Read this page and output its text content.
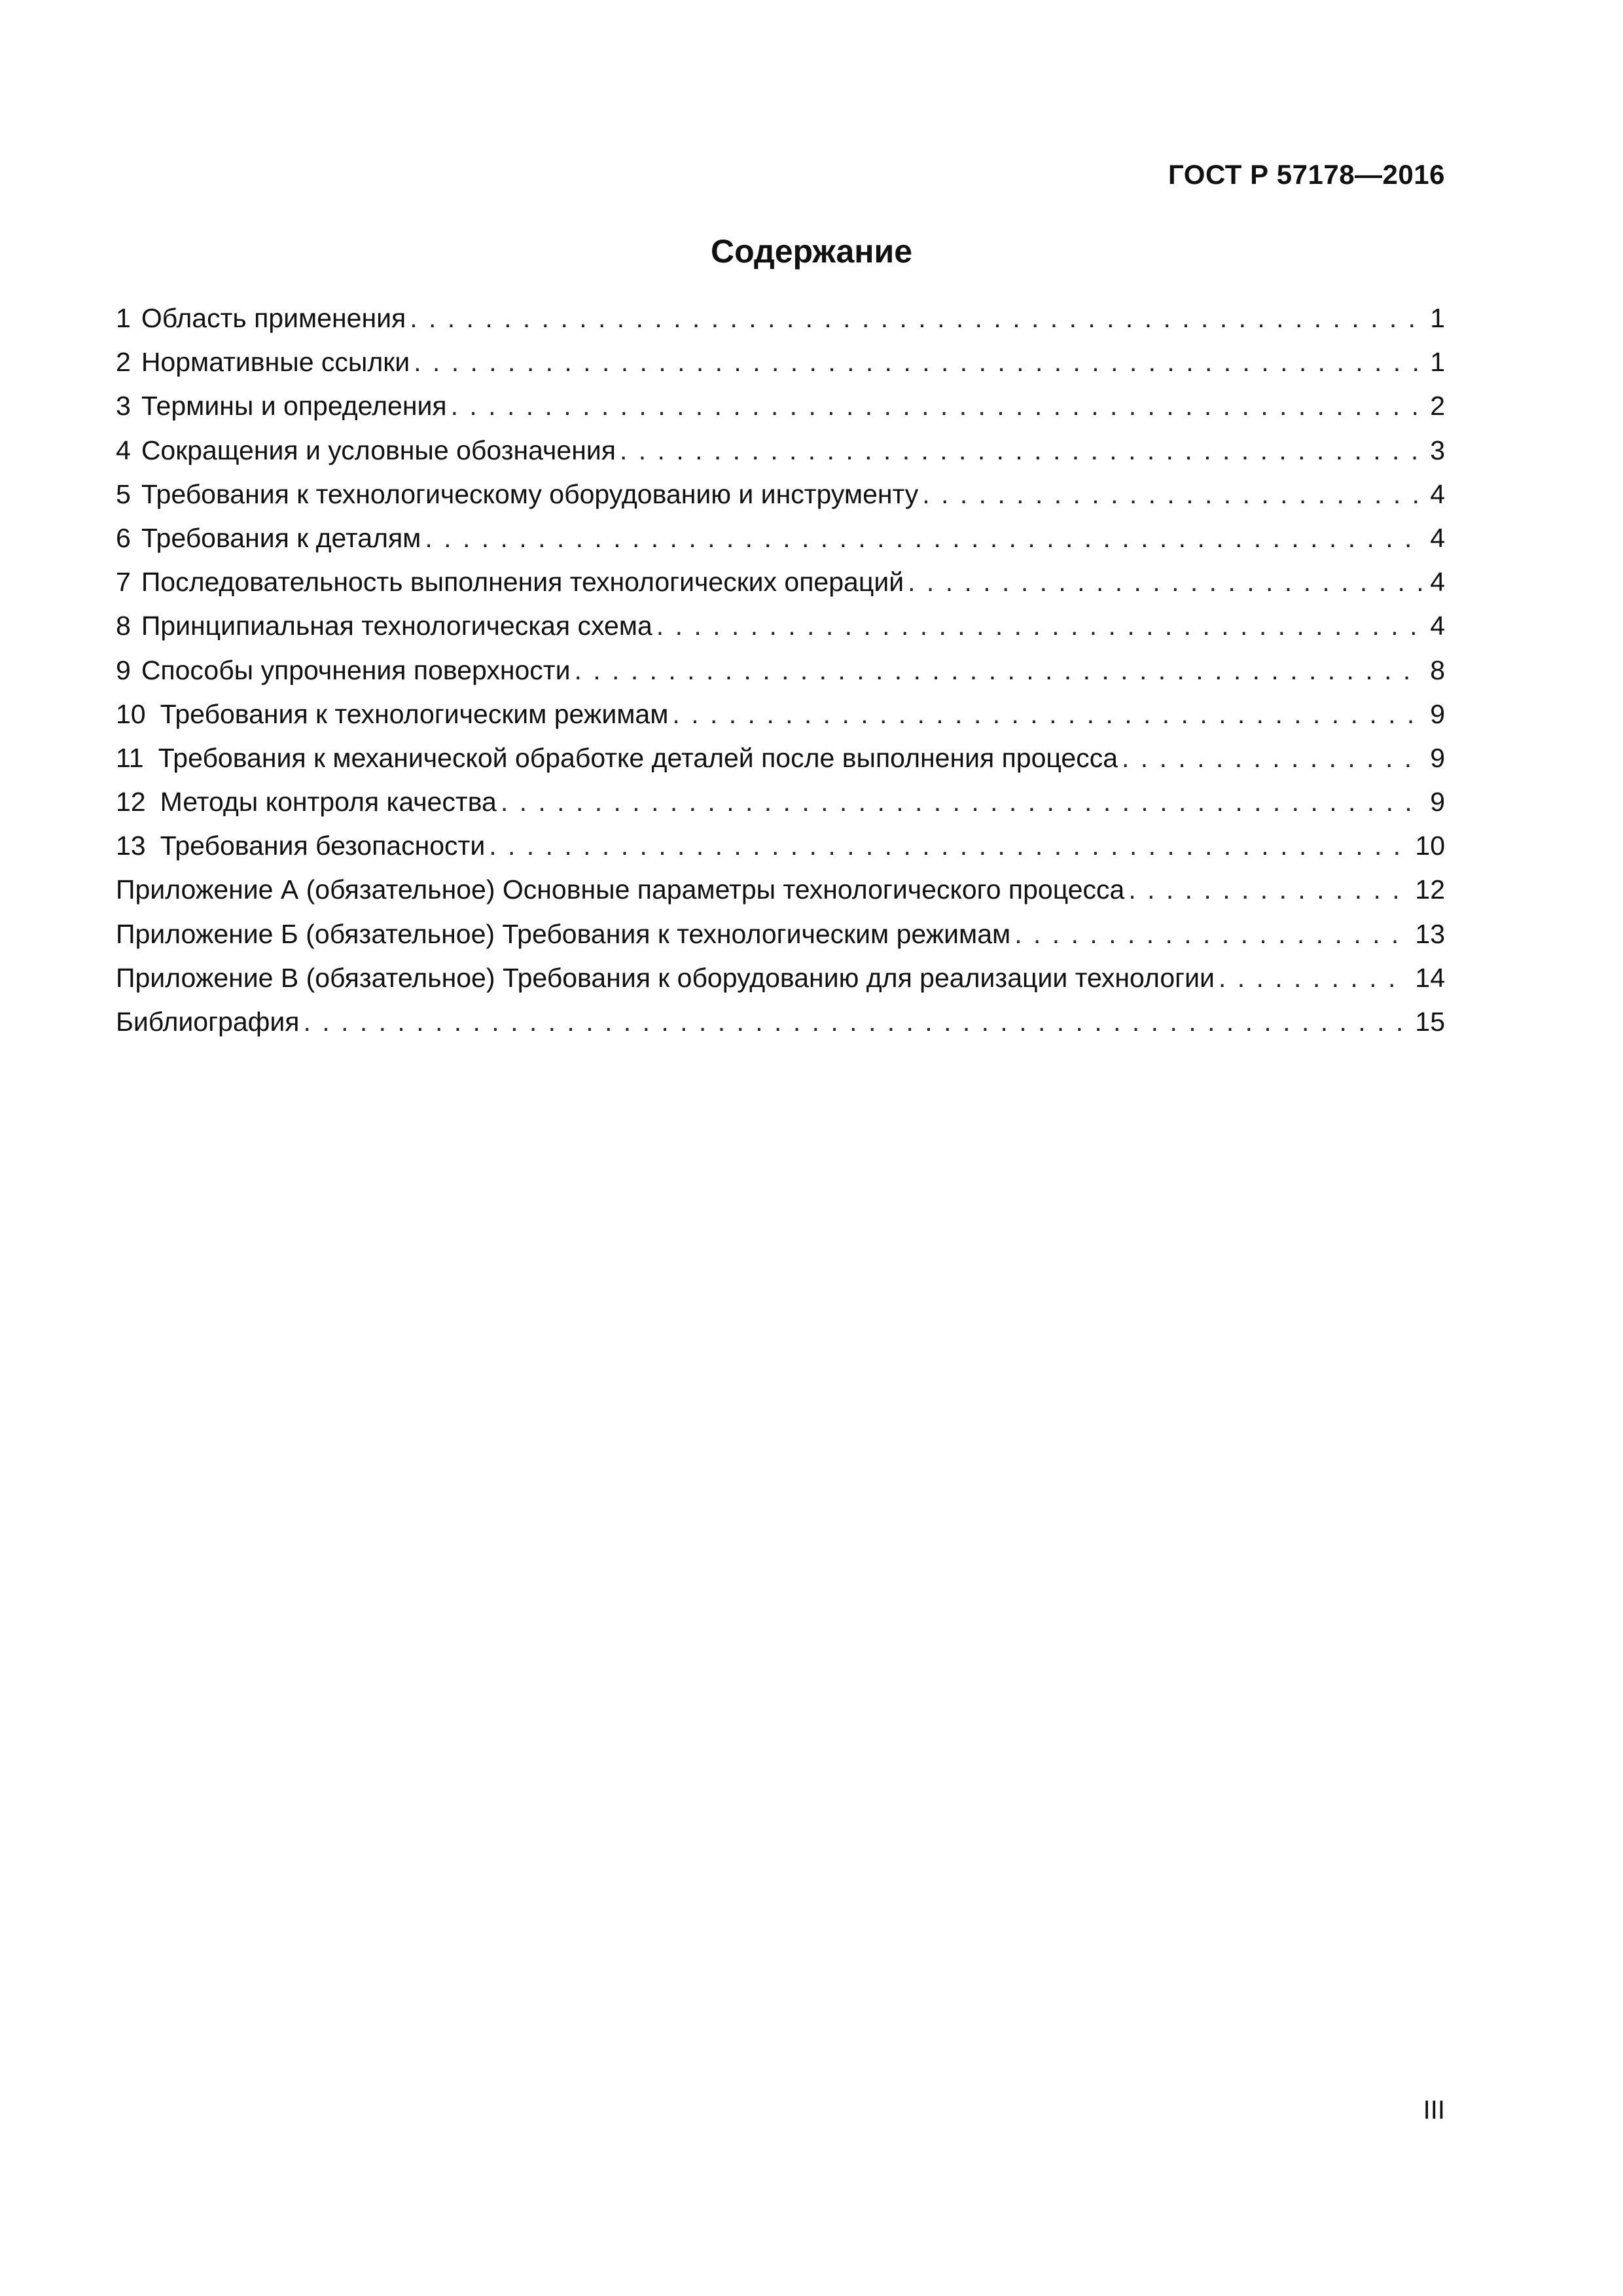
ГОСТ Р 57178—2016
Содержание
1 Область применения . . .	1
2 Нормативные ссылки . . .	1
3 Термины и определения . . .	2
4 Сокращения и условные обозначения . . .	3
5 Требования к технологическому оборудованию и инструменту . . .	4
6 Требования к деталям . . .	4
7 Последовательность выполнения технологических операций . . .	4
8 Принципиальная технологическая схема . . .	4
9 Способы упрочнения поверхности . . .	8
10 Требования к технологическим режимам . . .	9
11 Требования к механической обработке деталей после выполнения процесса . . .	9
12 Методы контроля качества . . .	9
13 Требования безопасности . . .	10
Приложение А (обязательное) Основные параметры технологического процесса . . .	12
Приложение Б (обязательное) Требования к технологическим режимам . . .	13
Приложение В (обязательное) Требования к оборудованию для реализации технологии . . .	14
Библиография . . .	15
III
